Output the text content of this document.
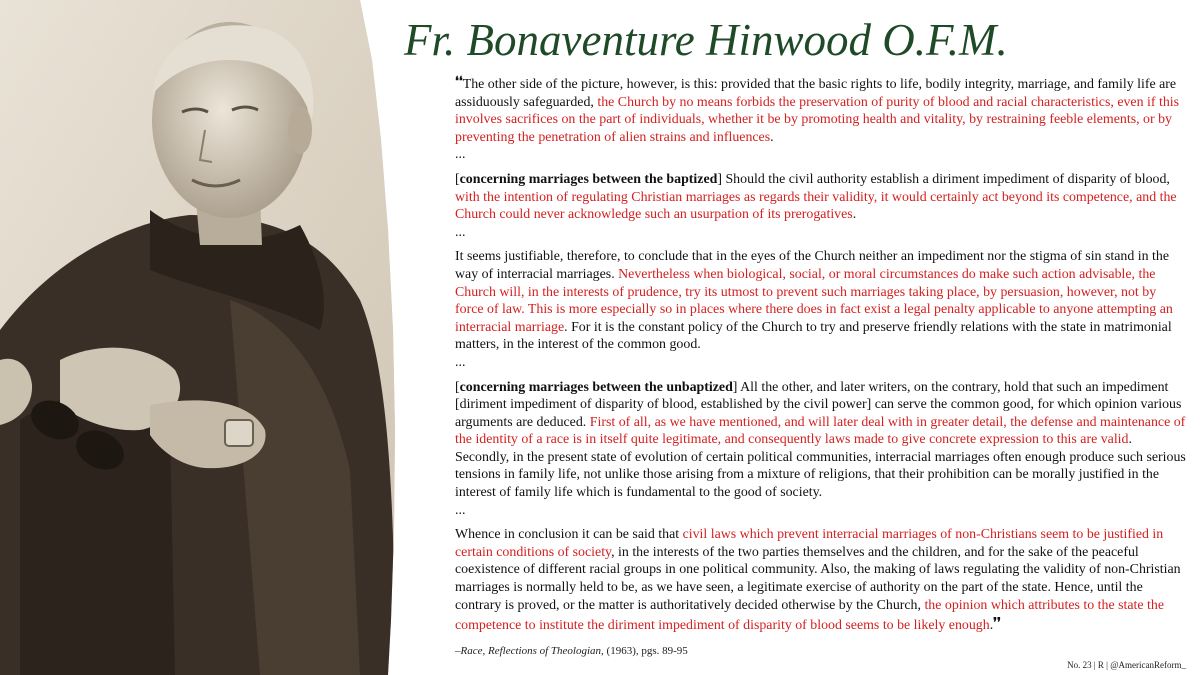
Fr. Bonaventure Hinwood O.F.M.

❛❛The other side of the picture, however, is this: provided that the basic rights to life, bodily integrity, marriage, and family life are assiduously safeguarded, the Church by no means forbids the preservation of purity of blood and racial characteristics, even if this involves sacrifices on the part of individuals, whether it be by promoting health and vitality, by restraining feeble elements, or by preventing the penetration of alien strains and influences.

...

[concerning marriages between the baptized] Should the civil authority establish a diriment impediment of disparity of blood, with the intention of regulating Christian marriages as regards their validity, it would certainly act beyond its competence, and the Church could never acknowledge such an usurpation of its prerogatives.

...

It seems justifiable, therefore, to conclude that in the eyes of the Church neither an impediment nor the stigma of sin stand in the way of interracial marriages. Nevertheless when biological, social, or moral circumstances do make such action advisable, the Church will, in the interests of prudence, try its utmost to prevent such marriages taking place, by persuasion, however, not by force of law. This is more especially so in places where there does in fact exist a legal penalty applicable to anyone attempting an interracial marriage. For it is the constant policy of the Church to try and preserve friendly relations with the state in matrimonial matters, in the interest of the common good.

...

[concerning marriages between the unbaptized] All the other, and later writers, on the contrary, hold that such an impediment [diriment impediment of disparity of blood, established by the civil power] can serve the common good, for which opinion various arguments are deduced. First of all, as we have mentioned, and will later deal with in greater detail, the defense and maintenance of the identity of a race is in itself quite legitimate, and consequently laws made to give concrete expression to this are valid. Secondly, in the present state of evolution of certain political communities, interracial marriages often enough produce such serious tensions in family life, not unlike those arising from a mixture of religions, that their prohibition can be morally justified in the interest of family life which is fundamental to the good of society.

...

Whence in conclusion it can be said that civil laws which prevent interracial marriages of non-Christians seem to be justified in certain conditions of society, in the interests of the two parties themselves and the children, and for the sake of the peaceful coexistence of different racial groups in one political community. Also, the making of laws regulating the validity of non-Christian marriages is normally held to be, as we have seen, a legitimate exercise of authority on the part of the state. Hence, until the contrary is proved, or the matter is authoritatively decided otherwise by the Church, the opinion which attributes to the state the competence to institute the diriment impediment of disparity of blood seems to be likely enough.❜❜

–Race, Reflections of Theologian, (1963), pgs. 89-95
No. 23 | R | @AmericanReform_
